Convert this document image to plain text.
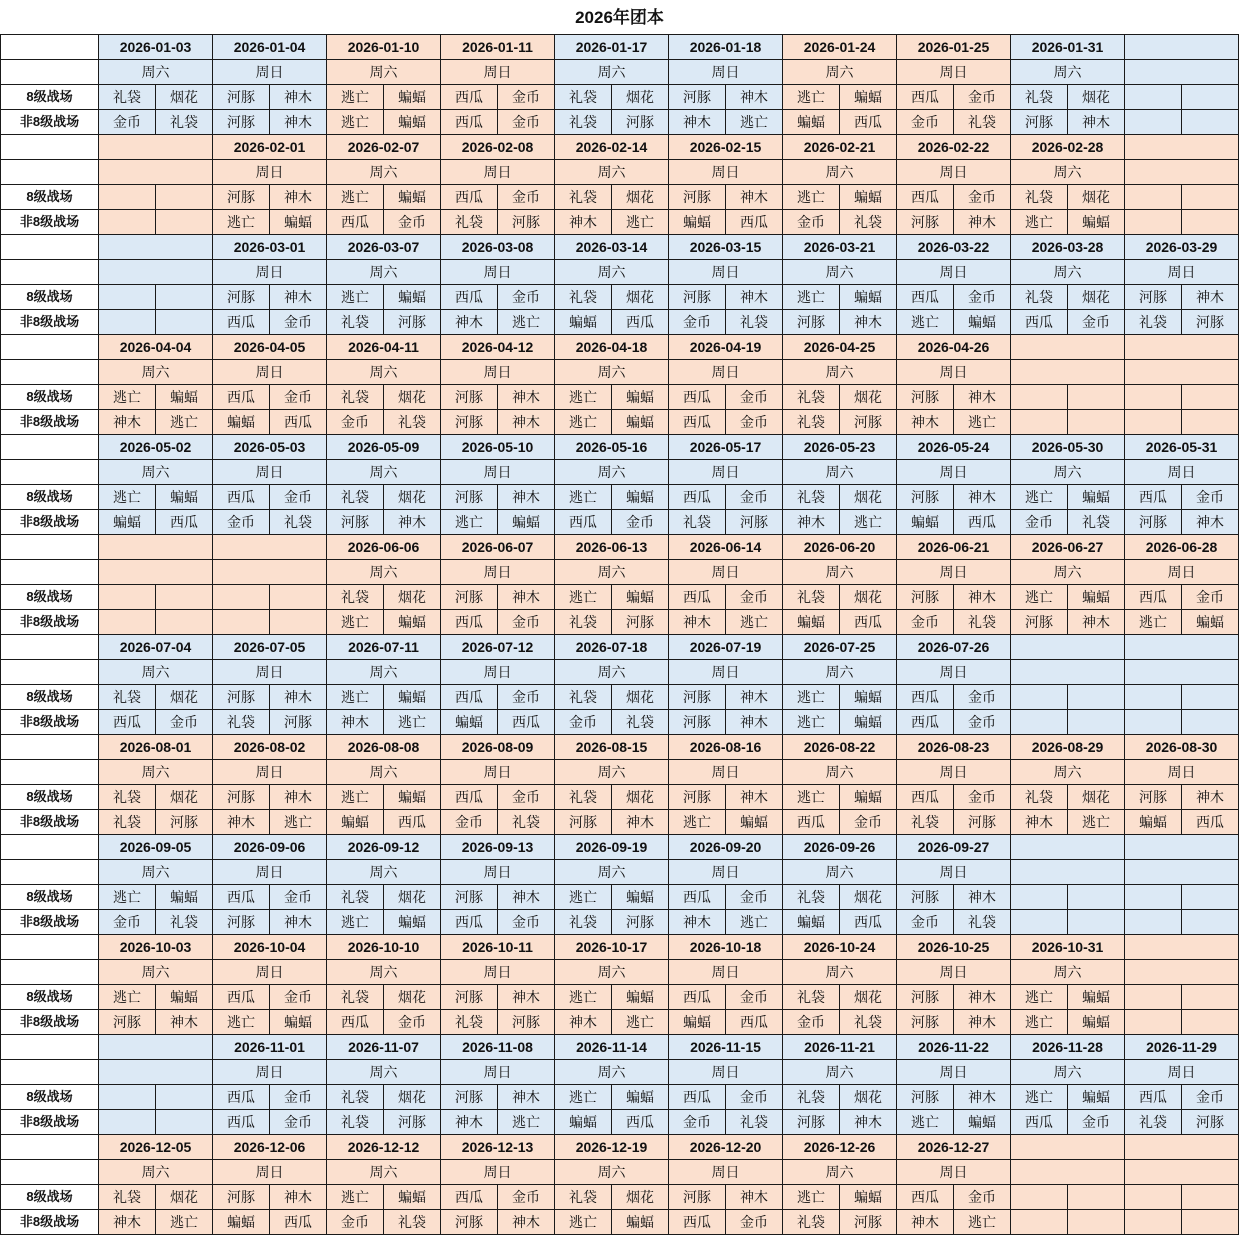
2026年团本
	2026-01-03		2026-01-04		2026-01-10		2026-01-11		2026-01-17		2026-01-18		2026-01-24		2026-01-25		2026-01-31			
	周六		周日		周六		周日		周六		周日		周六		周日		周六			
8级战场	礼袋	烟花	河豚	神木	逃亡	蝙蝠	西瓜	金币	礼袋	烟花	河豚	神木	逃亡	蝙蝠	西瓜	金币	礼袋	烟花		
非8级战场	金币	礼袋	河豚	神木	逃亡	蝙蝠	西瓜	金币	礼袋	河豚	神木	逃亡	蝙蝠	西瓜	金币	礼袋	河豚	神木		
			2026-02-01		2026-02-07		2026-02-08		2026-02-14		2026-02-15		2026-02-21		2026-02-22		2026-02-28			
			周日		周六		周日		周六		周日		周六		周日		周六			
8级战场			河豚	神木	逃亡	蝙蝠	西瓜	金币	礼袋	烟花	河豚	神木	逃亡	蝙蝠	西瓜	金币	礼袋	烟花		
非8级战场			逃亡	蝙蝠	西瓜	金币	礼袋	河豚	神木	逃亡	蝙蝠	西瓜	金币	礼袋	河豚	神木	逃亡	蝙蝠		
			2026-03-01		2026-03-07		2026-03-08		2026-03-14		2026-03-15		2026-03-21		2026-03-22		2026-03-28		2026-03-29	
			周日		周六		周日		周六		周日		周六		周日		周六		周日	
8级战场			河豚	神木	逃亡	蝙蝠	西瓜	金币	礼袋	烟花	河豚	神木	逃亡	蝙蝠	西瓜	金币	礼袋	烟花	河豚	神木
非8级战场			西瓜	金币	礼袋	河豚	神木	逃亡	蝙蝠	西瓜	金币	礼袋	河豚	神木	逃亡	蝙蝠	西瓜	金币	礼袋	河豚
	2026-04-04		2026-04-05		2026-04-11		2026-04-12		2026-04-18		2026-04-19		2026-04-25		2026-04-26					
	周六		周日		周六		周日		周六		周日		周六		周日					
8级战场	逃亡	蝙蝠	西瓜	金币	礼袋	烟花	河豚	神木	逃亡	蝙蝠	西瓜	金币	礼袋	烟花	河豚	神木				
非8级战场	神木	逃亡	蝙蝠	西瓜	金币	礼袋	河豚	神木	逃亡	蝙蝠	西瓜	金币	礼袋	河豚	神木	逃亡				
	2026-05-02		2026-05-03		2026-05-09		2026-05-10		2026-05-16		2026-05-17		2026-05-23		2026-05-24		2026-05-30		2026-05-31	
	周六		周日		周六		周日		周六		周日		周六		周日		周六		周日	
8级战场	逃亡	蝙蝠	西瓜	金币	礼袋	烟花	河豚	神木	逃亡	蝙蝠	西瓜	金币	礼袋	烟花	河豚	神木	逃亡	蝙蝠	西瓜	金币
非8级战场	蝙蝠	西瓜	金币	礼袋	河豚	神木	逃亡	蝙蝠	西瓜	金币	礼袋	河豚	神木	逃亡	蝙蝠	西瓜	金币	礼袋	河豚	神木
					2026-06-06		2026-06-07		2026-06-13		2026-06-14		2026-06-20		2026-06-21		2026-06-27		2026-06-28	
					周六		周日		周六		周日		周六		周日		周六		周日	
8级战场					礼袋	烟花	河豚	神木	逃亡	蝙蝠	西瓜	金币	礼袋	烟花	河豚	神木	逃亡	蝙蝠	西瓜	金币
非8级战场					逃亡	蝙蝠	西瓜	金币	礼袋	河豚	神木	逃亡	蝙蝠	西瓜	金币	礼袋	河豚	神木	逃亡	蝙蝠
	2026-07-04		2026-07-05		2026-07-11		2026-07-12		2026-07-18		2026-07-19		2026-07-25		2026-07-26					
	周六		周日		周六		周日		周六		周日		周六		周日					
8级战场	礼袋	烟花	河豚	神木	逃亡	蝙蝠	西瓜	金币	礼袋	烟花	河豚	神木	逃亡	蝙蝠	西瓜	金币				
非8级战场	西瓜	金币	礼袋	河豚	神木	逃亡	蝙蝠	西瓜	金币	礼袋	河豚	神木	逃亡	蝙蝠	西瓜	金币				
	2026-08-01		2026-08-02		2026-08-08		2026-08-09		2026-08-15		2026-08-16		2026-08-22		2026-08-23		2026-08-29		2026-08-30	
	周六		周日		周六		周日		周六		周日		周六		周日		周六		周日	
8级战场	礼袋	烟花	河豚	神木	逃亡	蝙蝠	西瓜	金币	礼袋	烟花	河豚	神木	逃亡	蝙蝠	西瓜	金币	礼袋	烟花	河豚	神木
非8级战场	礼袋	河豚	神木	逃亡	蝙蝠	西瓜	金币	礼袋	河豚	神木	逃亡	蝙蝠	西瓜	金币	礼袋	河豚	神木	逃亡	蝙蝠	西瓜
	2026-09-05		2026-09-06		2026-09-12		2026-09-13		2026-09-19		2026-09-20		2026-09-26		2026-09-27					
	周六		周日		周六		周日		周六		周日		周六		周日					
8级战场	逃亡	蝙蝠	西瓜	金币	礼袋	烟花	河豚	神木	逃亡	蝙蝠	西瓜	金币	礼袋	烟花	河豚	神木				
非8级战场	金币	礼袋	河豚	神木	逃亡	蝙蝠	西瓜	金币	礼袋	河豚	神木	逃亡	蝙蝠	西瓜	金币	礼袋				
	2026-10-03		2026-10-04		2026-10-10		2026-10-11		2026-10-17		2026-10-18		2026-10-24		2026-10-25		2026-10-31			
	周六		周日		周六		周日		周六		周日		周六		周日		周六			
8级战场	逃亡	蝙蝠	西瓜	金币	礼袋	烟花	河豚	神木	逃亡	蝙蝠	西瓜	金币	礼袋	烟花	河豚	神木	逃亡	蝙蝠		
非8级战场	河豚	神木	逃亡	蝙蝠	西瓜	金币	礼袋	河豚	神木	逃亡	蝙蝠	西瓜	金币	礼袋	河豚	神木	逃亡	蝙蝠		
			2026-11-01		2026-11-07		2026-11-08		2026-11-14		2026-11-15		2026-11-21		2026-11-22		2026-11-28		2026-11-29	
			周日		周六		周日		周六		周日		周六		周日		周六		周日	
8级战场			西瓜	金币	礼袋	烟花	河豚	神木	逃亡	蝙蝠	西瓜	金币	礼袋	烟花	河豚	神木	逃亡	蝙蝠	西瓜	金币
非8级战场			西瓜	金币	礼袋	河豚	神木	逃亡	蝙蝠	西瓜	金币	礼袋	河豚	神木	逃亡	蝙蝠	西瓜	金币	礼袋	河豚
	2026-12-05		2026-12-06		2026-12-12		2026-12-13		2026-12-19		2026-12-20		2026-12-26		2026-12-27					
	周六		周日		周六		周日		周六		周日		周六		周日					
8级战场	礼袋	烟花	河豚	神木	逃亡	蝙蝠	西瓜	金币	礼袋	烟花	河豚	神木	逃亡	蝙蝠	西瓜	金币				
非8级战场	神木	逃亡	蝙蝠	西瓜	金币	礼袋	河豚	神木	逃亡	蝙蝠	西瓜	金币	礼袋	河豚	神木	逃亡				
